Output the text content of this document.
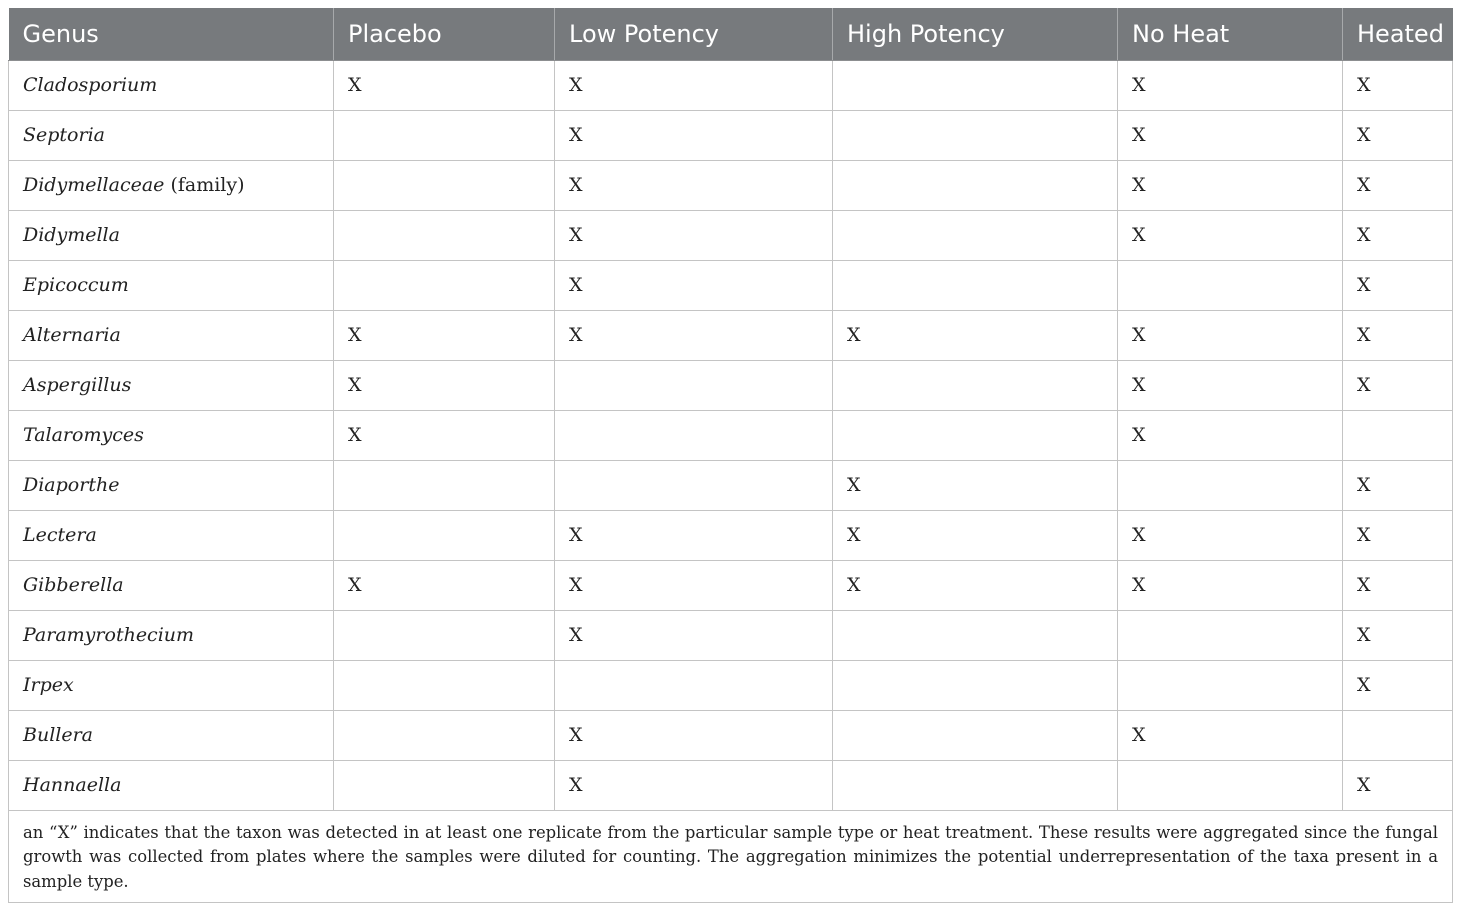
Genus	Placebo	Low Potency	High Potency	No Heat	Heated
Cladosporium	X	X		X	X
Septoria		X		X	X
Didymellaceae (family)		X		X	X
Didymella		X		X	X
Epicoccum		X			X
Alternaria	X	X	X	X	X
Aspergillus	X			X	X
Talaromyces	X			X	
Diaporthe			X		X
Lectera		X	X	X	X
Gibberella	X	X	X	X	X
Paramyrothecium		X			X
Irpex					X
Bullera		X		X	
Hannaella		X			X
an “X” indicates that the taxon was detected in at least one replicate from the particular sample type or heat treatment. These results were aggregated since the fungal growth was collected from plates where the samples were diluted for counting. The aggregation minimizes the potential underrepresentation of the taxa present in a sample type.					
